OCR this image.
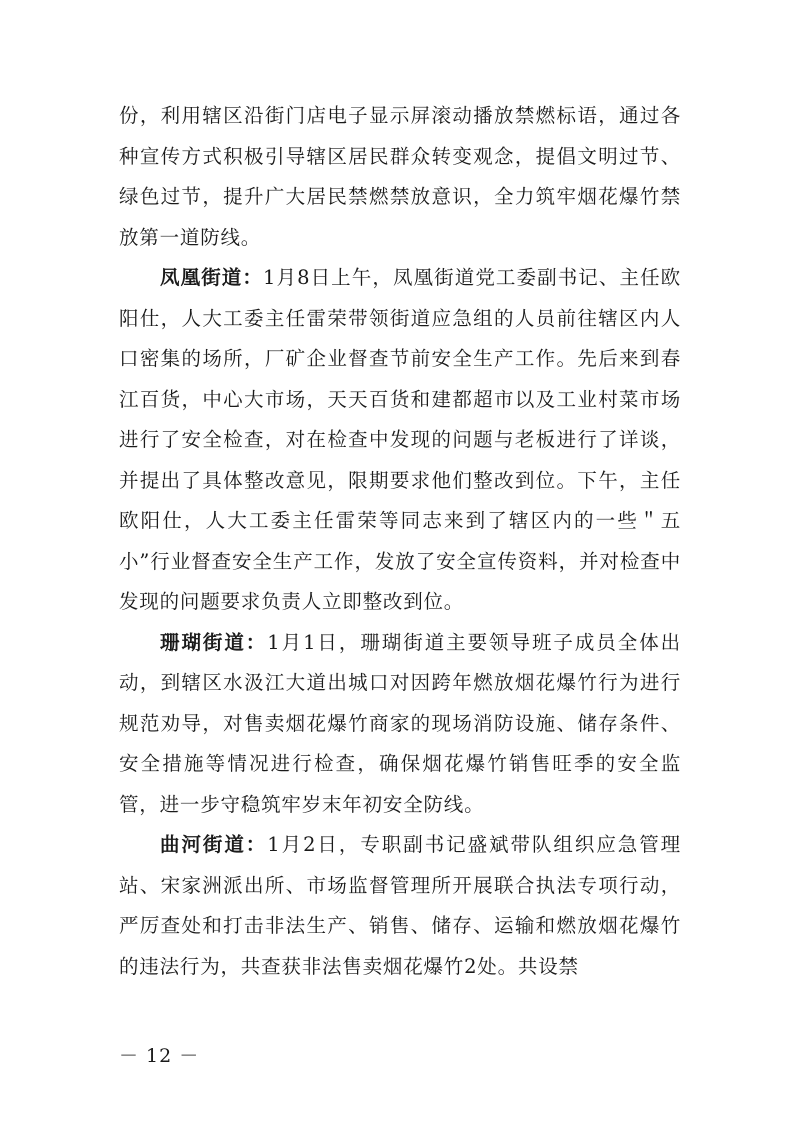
份，利用辖区沿街门店电子显示屏滚动播放禁燃标语，通过各种宣传方式积极引导辖区居民群众转变观念，提倡文明过节、绿色过节，提升广大居民禁燃禁放意识，全力筑牢烟花爆竹禁放第一道防线。

凤凰街道：1月8日上午，凤凰街道党工委副书记、主任欧阳仕，人大工委主任雷荣带领街道应急组的人员前往辖区内人口密集的场所，厂矿企业督查节前安全生产工作。先后来到春江百货，中心大市场，天天百货和建都超市以及工业村菜市场进行了安全检查，对在检查中发现的问题与老板进行了详谈，并提出了具体整改意见，限期要求他们整改到位。下午，主任欧阳仕，人大工委主任雷荣等同志来到了辖区内的一些＂五小”行业督查安全生产工作，发放了安全宣传资料，并对检查中发现的问题要求负责人立即整改到位。

珊瑚街道：1月1日，珊瑚街道主要领导班子成员全体出动，到辖区水汲江大道出城口对因跨年燃放烟花爆竹行为进行规范劝导，对售卖烟花爆竹商家的现场消防设施、储存条件、安全措施等情况进行检查，确保烟花爆竹销售旺季的安全监管，进一步守稳筑牢岁末年初安全防线。

曲河街道：1月2日，专职副书记盛斌带队组织应急管理站、宋家洲派出所、市场监督管理所开展联合执法专项行动，严厉查处和打击非法生产、销售、储存、运输和燃放烟花爆竹的违法行为，共查获非法售卖烟花爆竹2处。共设禁

－ 12 －
